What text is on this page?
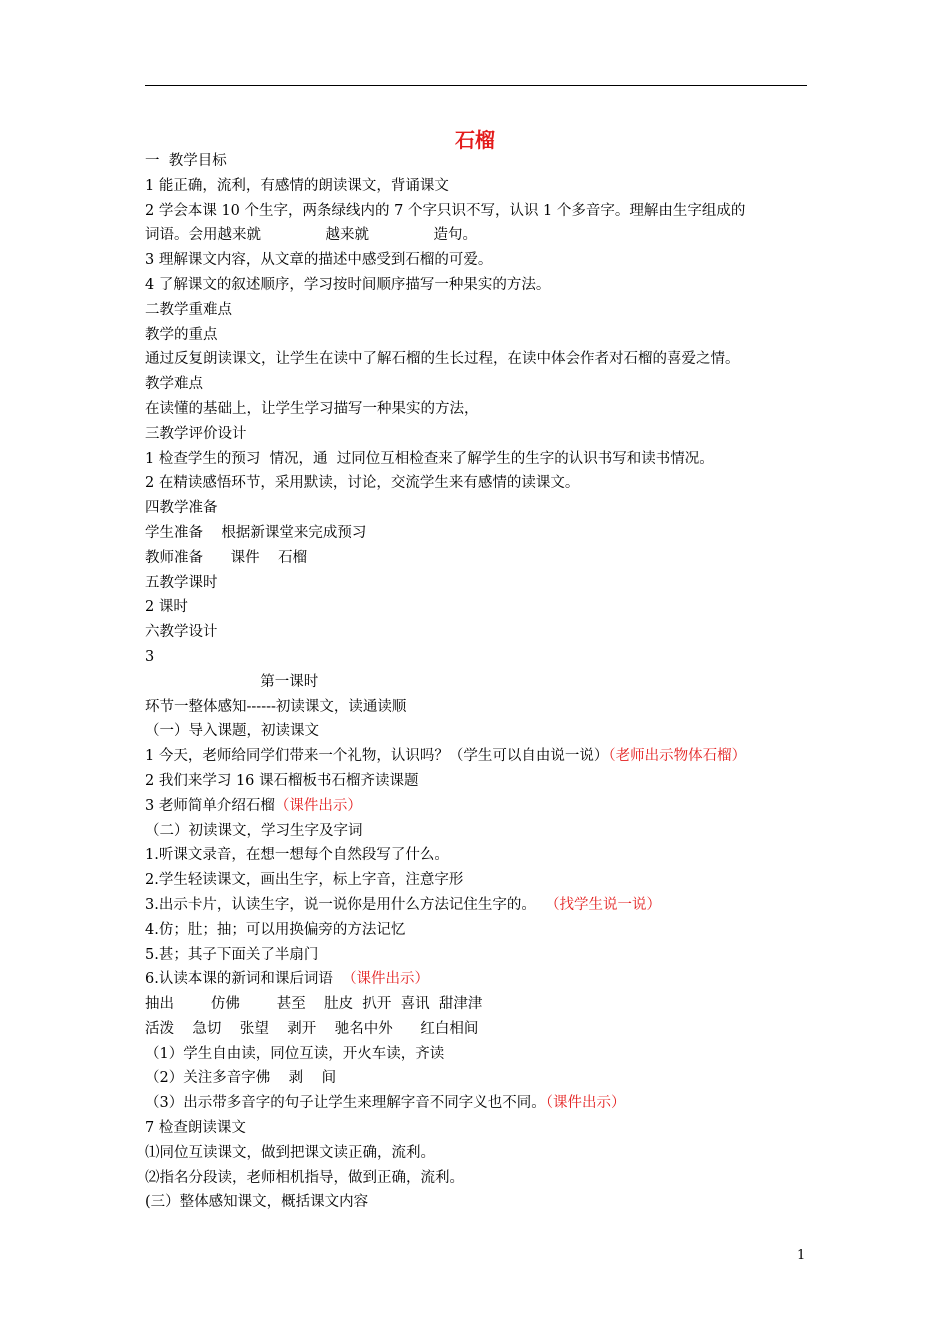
石榴
一  教学目标
1 能正确，流利，有感情的朗读课文，背诵课文
2 学会本课 10 个生字，两条绿线内的 7 个字只识不写，认识 1 个多音字。理解由生字组成的
词语。会用越来就              越来就              造句。
3 理解课文内容，从文章的描述中感受到石榴的可爱。
4 了解课文的叙述顺序，学习按时间顺序描写一种果实的方法。
二教学重难点
教学的重点
通过反复朗读课文，让学生在读中了解石榴的生长过程，在读中体会作者对石榴的喜爱之情。
教学难点
在读懂的基础上，让学生学习描写一种果实的方法，
三教学评价设计
1 检查学生的预习  情况，通  过同位互相检查来了解学生的生字的认识书写和读书情况。
2 在精读感悟环节，采用默读，讨论，交流学生来有感情的读课文。
四教学准备
学生准备    根据新课堂来完成预习
教师准备      课件    石榴
五教学课时
2 课时
六教学设计
3
第一课时
环节一整体感知------初读课文，读通读顺
（一）导入课题，初读课文
1 今天，老师给同学们带来一个礼物，认识吗？（学生可以自由说一说）（老师出示物体石榴）
2 我们来学习 16 课石榴板书石榴齐读课题
3 老师简单介绍石榴（课件出示）
（二）初读课文，学习生字及字词
1.听课文录音，在想一想每个自然段写了什么。
2.学生轻读课文，画出生字，标上字音，注意字形
3.出示卡片，认读生字，说一说你是用什么方法记住生字的。  （找学生说一说）
4.仿；肚；抽；可以用换偏旁的方法记忆
5.甚；其子下面关了半扇门
6.认读本课的新词和课后词语  （课件出示）
抽出        仿佛        甚至    肚皮  扒开  喜讯  甜津津
活泼    急切    张望    剥开    驰名中外      红白相间
（1）学生自由读，同位互读，开火车读，齐读
（2）关注多音字佛    剥    间
（3）出示带多音字的句子让学生来理解字音不同字义也不同。（课件出示）
7 检查朗读课文
⑴同位互读课文，做到把课文读正确，流利。
⑵指名分段读，老师相机指导，做到正确，流利。
(三）整体感知课文，概括课文内容
1
